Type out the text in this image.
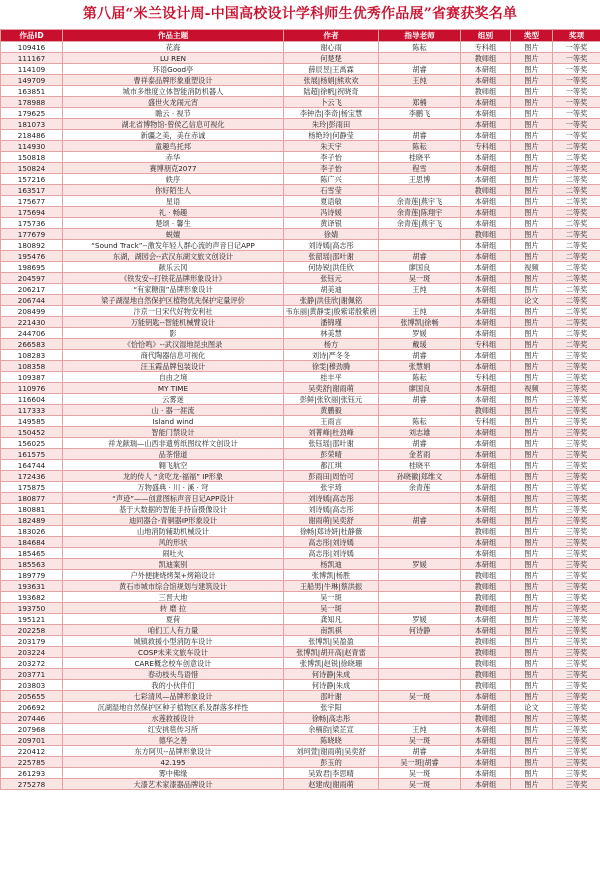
第八届“米兰设计周-中国高校设计学科师生优秀作品展”省赛获奖名单
作品ID	作品主题	作者	指导老师	组别	类型	奖项
109416	花海	谢心雨	陈耘	专科组	图片	一等奖
111167	LU REN	何楚楚		教师组	图片	一等奖
114109	环语Good亭	薛辰昱|王禹霖	胡睿	本研组	图片	一等奖
149709	曹祥泰品牌形象重塑设计	张展|杨娟|熊欢欢	王纯	本研组	图片	一等奖
163851	城市多维度立体智能消防机器人	陆超|徐帆|祝晓奇		教师组	图片	一等奖
178988	盛世火龙闹元宵	卜云飞	郑楠	本研组	图片	一等奖
179625	瞻云 · 视节	李钟浩|李奇|杨宝慧	李鹏飞	本研组	图片	一等奖
181073	湖北省博物馆-曾侯乙信息可视化	朱玲|彭雨田		本研组	图片	一等奖
218486	新疆之美，美在赤诚	杨艳玲|何静莹	胡睿	本研组	图片	一等奖
114930	童趣鸟托邦	朱天宇	陈耘	专科组	图片	二等奖
150818	赤华	李子怡	桂晓平	本研组	图片	二等奖
150824	赛博朋克2077	李子怡	程雪	本研组	图片	二等奖
157216	轶序	陈广兴	王思博	本研组	图片	二等奖
163517	你好陌生人	石雪莹		教师组	图片	二等奖
175677	星语	夏语敏	余青莲|燕宇飞	本研组	图片	二等奖
175694	礼 · 畅趣	冯诗媛	余青莲|陈翔宇	本研组	图片	二等奖
175736	楚颂 · 馨生	黄译银	余青莲|燕宇飞	本研组	图片	二等奖
177679	蜕嬗	徐婧		教师组	图片	二等奖
180892	“Sound Track”--激发年轻人群心流的声音日记APP	刘诗嫣|高志彤		本研组	图片	二等奖
195476	东湖，湖园会--武汉东湖文旅文创设计	张韶瑶|邵叶谢	胡睿	本研组	图片	二等奖
198695	献乐云冈	何协锐|洪佳欣	廖国良	本研组	视频	二等奖
204597	《铁发安--打铁花品牌形象设计》	张钰元	吴一斑	本研组	图片	二等奖
206217	“有家糖面”品牌形象设计	胡美迪	王纯	本研组	图片	二等奖
206744	梁子湖湿地自然保护区植物优先保护定量评价	张静|洪佳欣|谢佩铭		本研组	论文	二等奖
208499	汴京一日宋代好物安利社	韦东丽|黄静雯|殷紫诺殷紫函	王纯	本研组	图片	二等奖
221430	万能钥匙--智能机械臂设计	潘锦瑾	张博凯|徐畅	本研组	图片	二等奖
244706	影	林美慧	罗媛	本研组	图片	二等奖
266583	《恰恰鸣》--武汉湿地昆虫图录	杨方	戴瑗	专科组	图片	二等奖
108283	商代陶器信息可视化	刘诗|严冬冬	胡睿	本研组	图片	三等奖
108358	汪玉霞品牌包装设计	徐雯|穆劲腾	张慧娟	本研组	图片	三等奖
109387	自由之境	桂丰平	陈耘	专科组	图片	三等奖
110976	MY TIME	吴奕舒|谢雨萌	廖国良	本研组	视频	三等奖
116604	云雾迷	彭鲜|张钦丽|张钰元	胡睿	本研组	图片	三等奖
117333	山 · 器一涯流	黄鹏毅		教师组	图片	三等奖
149585	Island wind	王雨言	陈耘	专科组	图片	三等奖
150452	智能门禁设计	刘菁峰|杜劲峰	刘志雄	本研组	图片	三等奖
156025	祥龙献瑞—山西非遗剪纸图纹样文创设计	张钰瑶|邵叶谢	胡睿	本研组	图片	三等奖
161575	品茶惜道	彭荣晴	金茗雨	本研组	图片	三等奖
164744	翱飞航空	都江琪	桂晓平	本研组	图片	三等奖
172436	龙的传人 “贪吃龙-福福” IP形象	彭雨田|周怡可	孙晓徽|郑维文	本研组	图片	三等奖
175875	万物盛典 · 川 · 溪 · 穹	张宇琦	余青莲	本研组	图片	三等奖
180877	“声迹”——创意图标声音日记APP设计	刘诗嫣|高志彤		本研组	图片	三等奖
180881	基于大数据的智能手持盲摄像设计	刘诗嫣|高志彤		本研组	图片	三等奖
182489	迪同器合-青铜器IP形象设计	谢雨萌|吴奕舒	胡睿	本研组	图片	三等奖
183026	山地消防辅助机械设计	徐畅|郑诗妍|杜静薇		教师组	图片	三等奖
184684	风的形状	高志彤|刘诗嫣		本研组	图片	三等奖
185465	闹吐火	高志彤|刘诗嫣		本研组	图片	三等奖
185563	凯迪案别	杨凯迪	罗媛	本研组	图片	三等奖
189779	户外便捷烧烤架+烤箱设计	张博凯|杨胜		教师组	图片	三等奖
193631	黄石市城市综合馆规划与建筑设计	王船男|牛琳|蔡洪振		教师组	图片	三等奖
193682	三晋大地	吴一斑		教师组	图片	三等奖
193750	转 磨 拉	吴一斑		教师组	图片	三等奖
195121	夏荷	龚知凡	罗媛	本研组	图片	三等奖
202258	咱们工人有力量	南凯祺	何诗静	本研组	图片	三等奖
203179	城镇救援小型消防车设计	张博凯|吴盈盈		教师组	图片	三等奖
203224	COSP未来文旅车设计	张博凯|胡开高|赵青雷		教师组	图片	三等奖
203272	CARE概念校车创意设计	张博凯|赵锐|徐晓珊		教师组	图片	三等奖
203771	春动枝头鸟语惜	何诗静|朱成		教师组	图片	三等奖
203803	我的小伙伴们	何诗静|朱成		教师组	图片	三等奖
205655	七彩清风—品牌形象设计	邵叶谢	吴一斑	本研组	图片	三等奖
206692	沉湖湿地自然保护区种子植物区系及群落多样性	张宇阳		本研组	论文	三等奖
207446	水莲救援设计	徐畅|高志彤		教师组	图片	三等奖
207968	红安挑毯传习所	余楠韵|梁芷宣	王纯	本研组	图片	三等奖
209701	德华之善	陈晓晓	吴一斑	本研组	图片	三等奖
220412	东方阿贝--品牌形象设计	刘珂萱|谢雨萌|吴奕舒	胡睿	本研组	图片	三等奖
225785	42.195	彭玉的	吴一斑|胡睿	本研组	图片	三等奖
261293	雾中佛缘	吴致君|李思晴	吴一斑	本研组	图片	三等奖
275278	大漆艺术家漆器品牌设计	赵建成|谢雨萌	吴一斑	本研组	图片	三等奖
